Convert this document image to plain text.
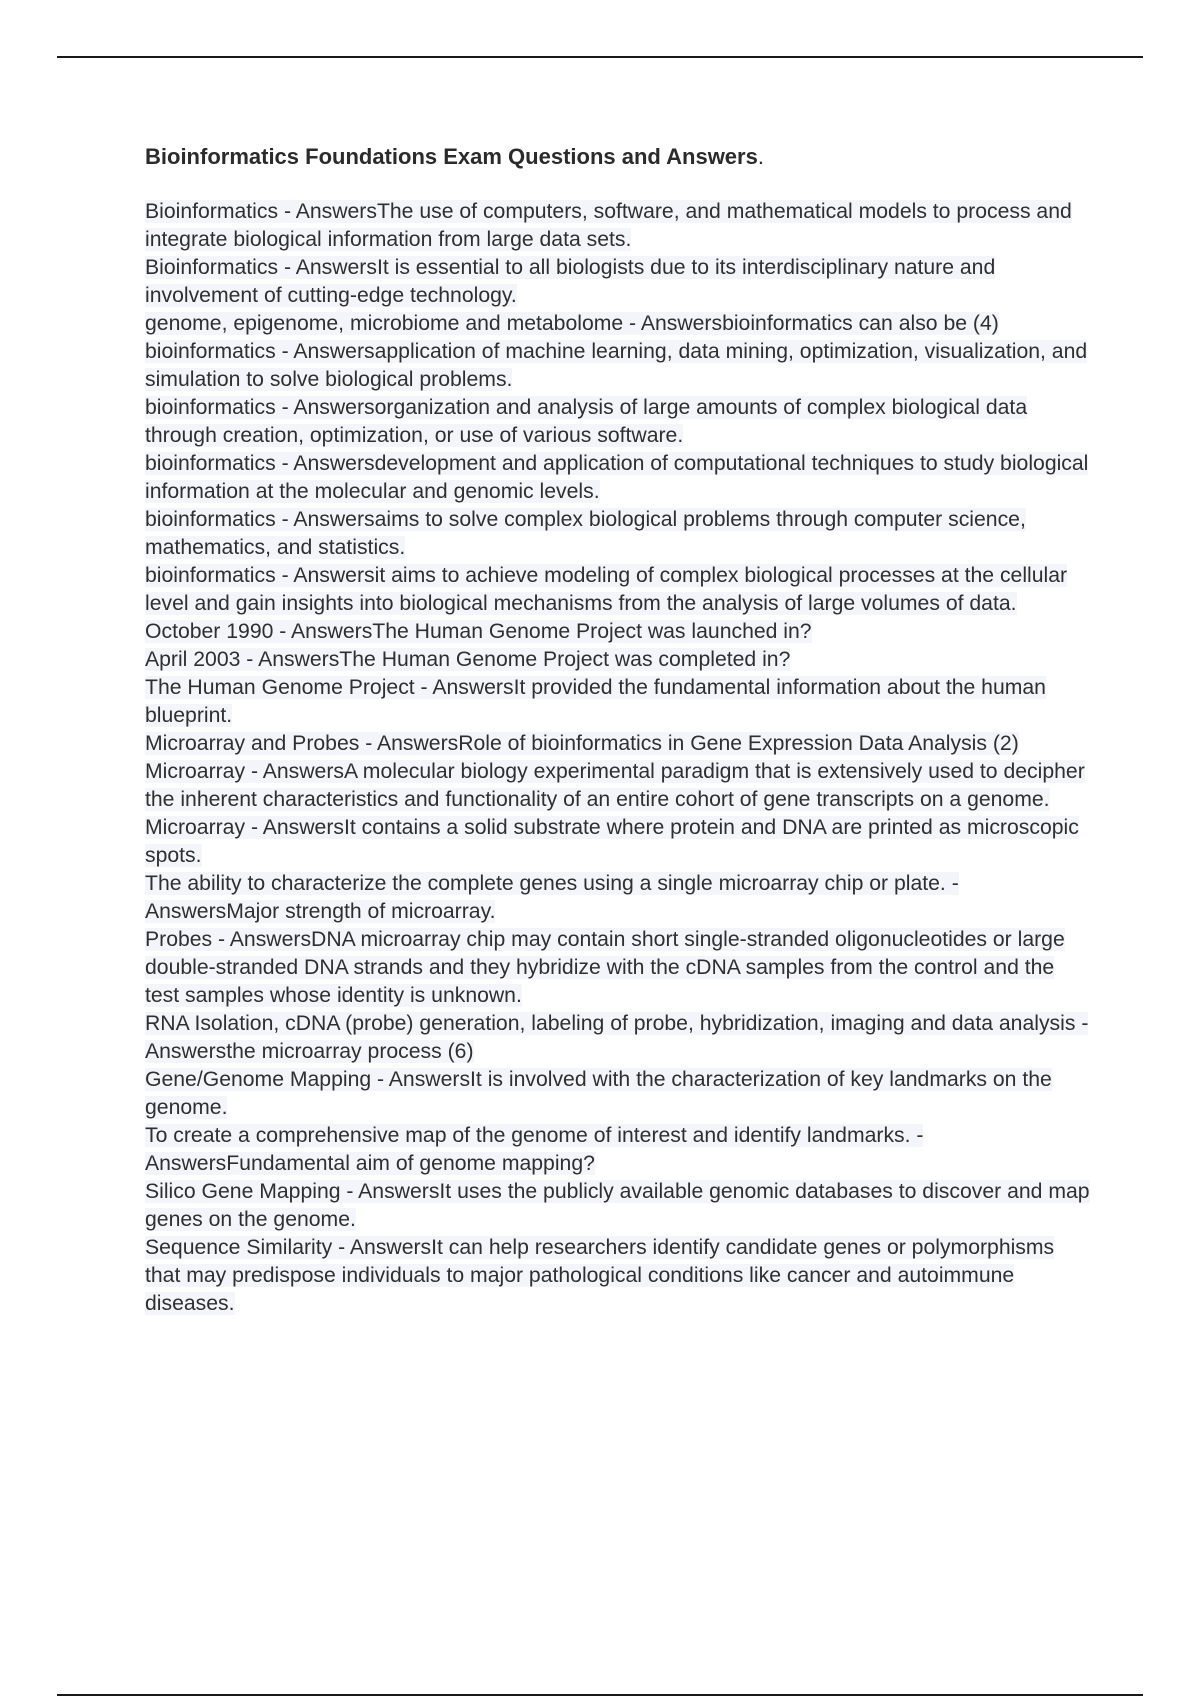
Bioinformatics Foundations Exam Questions and Answers.
Bioinformatics - AnswersThe use of computers, software, and mathematical models to process and integrate biological information from large data sets.
Bioinformatics - AnswersIt is essential to all biologists due to its interdisciplinary nature and involvement of cutting-edge technology.
genome, epigenome, microbiome and metabolome - Answersbioinformatics can also be (4)
bioinformatics - Answersapplication of machine learning, data mining, optimization, visualization, and simulation to solve biological problems.
bioinformatics - Answersorganization and analysis of large amounts of complex biological data through creation, optimization, or use of various software.
bioinformatics - Answersdevelopment and application of computational techniques to study biological information at the molecular and genomic levels.
bioinformatics - Answersaims to solve complex biological problems through computer science, mathematics, and statistics.
bioinformatics - Answersit aims to achieve modeling of complex biological processes at the cellular level and gain insights into biological mechanisms from the analysis of large volumes of data.
October 1990 - AnswersThe Human Genome Project was launched in?
April 2003 - AnswersThe Human Genome Project was completed in?
The Human Genome Project - AnswersIt provided the fundamental information about the human blueprint.
Microarray and Probes - AnswersRole of bioinformatics in Gene Expression Data Analysis (2)
Microarray - AnswersA molecular biology experimental paradigm that is extensively used to decipher the inherent characteristics and functionality of an entire cohort of gene transcripts on a genome.
Microarray - AnswersIt contains a solid substrate where protein and DNA are printed as microscopic spots.
The ability to characterize the complete genes using a single microarray chip or plate. - AnswersMajor strength of microarray.
Probes - AnswersDNA microarray chip may contain short single-stranded oligonucleotides or large double-stranded DNA strands and they hybridize with the cDNA samples from the control and the test samples whose identity is unknown.
RNA Isolation, cDNA (probe) generation, labeling of probe, hybridization, imaging and data analysis - Answersthe microarray process (6)
Gene/Genome Mapping - AnswersIt is involved with the characterization of key landmarks on the genome.
To create a comprehensive map of the genome of interest and identify landmarks. - AnswersFundamental aim of genome mapping?
Silico Gene Mapping - AnswersIt uses the publicly available genomic databases to discover and map genes on the genome.
Sequence Similarity - AnswersIt can help researchers identify candidate genes or polymorphisms that may predispose individuals to major pathological conditions like cancer and autoimmune diseases.
